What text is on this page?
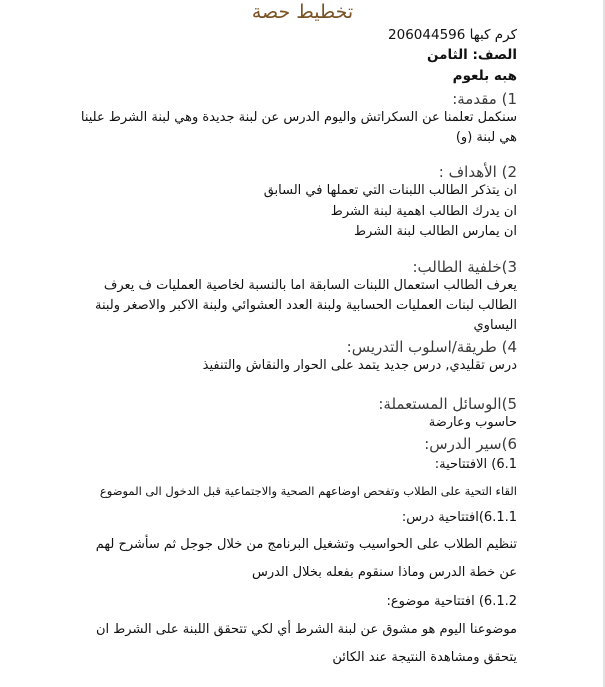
تخطيط حصة
كرم كبها 206044596
الصف: الثامن
هبه بلعوم
1) مقدمة:
سنكمل تعلمنا عن السكراتش واليوم الدرس عن لبنة جديدة وهي لبنة الشرط علينا
هي لبنة (و)
2) الأهداف :
ان يتذكر الطالب اللبنات التي تعملها في السابق
ان يدرك الطالب اهمية لبنة الشرط
ان يمارس الطالب لبنة الشرط
3)خلفية الطالب:
يعرف الطالب استعمال اللبنات السابقة اما بالنسبة لخاصية العمليات ف يعرف
الطالب لبنات العمليات الحسابية ولبنة العدد العشوائي ولبنة الاكبر والاصغر ولبنة
اليساوي
4) طريقة/اسلوب التدريس:
درس تقليدي, درس جديد يتمد على الحوار والنقاش والتنفيذ
5)الوسائل المستعملة:
حاسوب وعارضة
6)سير الدرس:
6.1) الافتتاحية:
القاء التحية على الطلاب وتفحص اوضاعهم الصحية والاجتماعية قبل الدخول الى الموضوع
6.1.1)افتتاحية درس:
تنظيم الطلاب على الحواسيب وتشغيل البرنامج من خلال جوجل ثم سأشرح لهم
عن خطة الدرس وماذا سنقوم بفعله بخلال الدرس
6.1.2) افتتاحية موضوع:
موضوعنا اليوم هو مشوق عن لبنة الشرط أي لكي تتحقق اللبنة على الشرط ان
يتحقق ومشاهدة النتيجة عند الكائن
